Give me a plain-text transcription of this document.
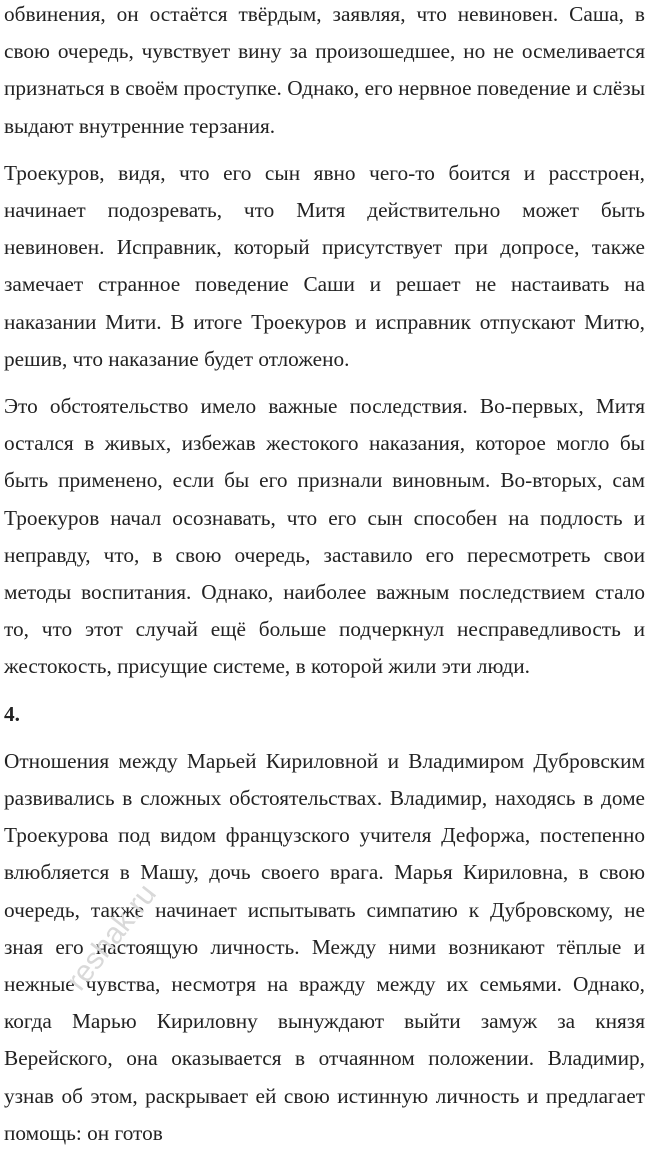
обвинения, он остаётся твёрдым, заявляя, что невиновен. Саша, в свою очередь, чувствует вину за произошедшее, но не осмеливается признаться в своём проступке. Однако, его нервное поведение и слёзы выдают внутренние терзания.

Троекуров, видя, что его сын явно чего-то боится и расстроен, начинает подозревать, что Митя действительно может быть невиновен. Исправник, который присутствует при допросе, также замечает странное поведение Саши и решает не настаивать на наказании Мити. В итоге Троекуров и исправник отпускают Митю, решив, что наказание будет отложено.

Это обстоятельство имело важные последствия. Во-первых, Митя остался в живых, избежав жестокого наказания, которое могло бы быть применено, если бы его признали виновным. Во-вторых, сам Троекуров начал осознавать, что его сын способен на подлость и неправду, что, в свою очередь, заставило его пересмотреть свои методы воспитания. Однако, наиболее важным последствием стало то, что этот случай ещё больше подчеркнул несправедливость и жестокость, присущие системе, в которой жили эти люди.

4.

Отношения между Марьей Кириловной и Владимиром Дубровским развивались в сложных обстоятельствах. Владимир, находясь в доме Троекурова под видом французского учителя Дефоржа, постепенно влюбляется в Машу, дочь своего врага. Марья Кириловна, в свою очередь, также начинает испытывать симпатию к Дубровскому, не зная его настоящую личность. Между ними возникают тёплые и нежные чувства, несмотря на вражду между их семьями. Однако, когда Марью Кириловну вынуждают выйти замуж за князя Верейского, она оказывается в отчаянном положении. Владимир, узнав об этом, раскрывает ей свою истинную личность и предлагает помощь: он готов

reshak.ru
